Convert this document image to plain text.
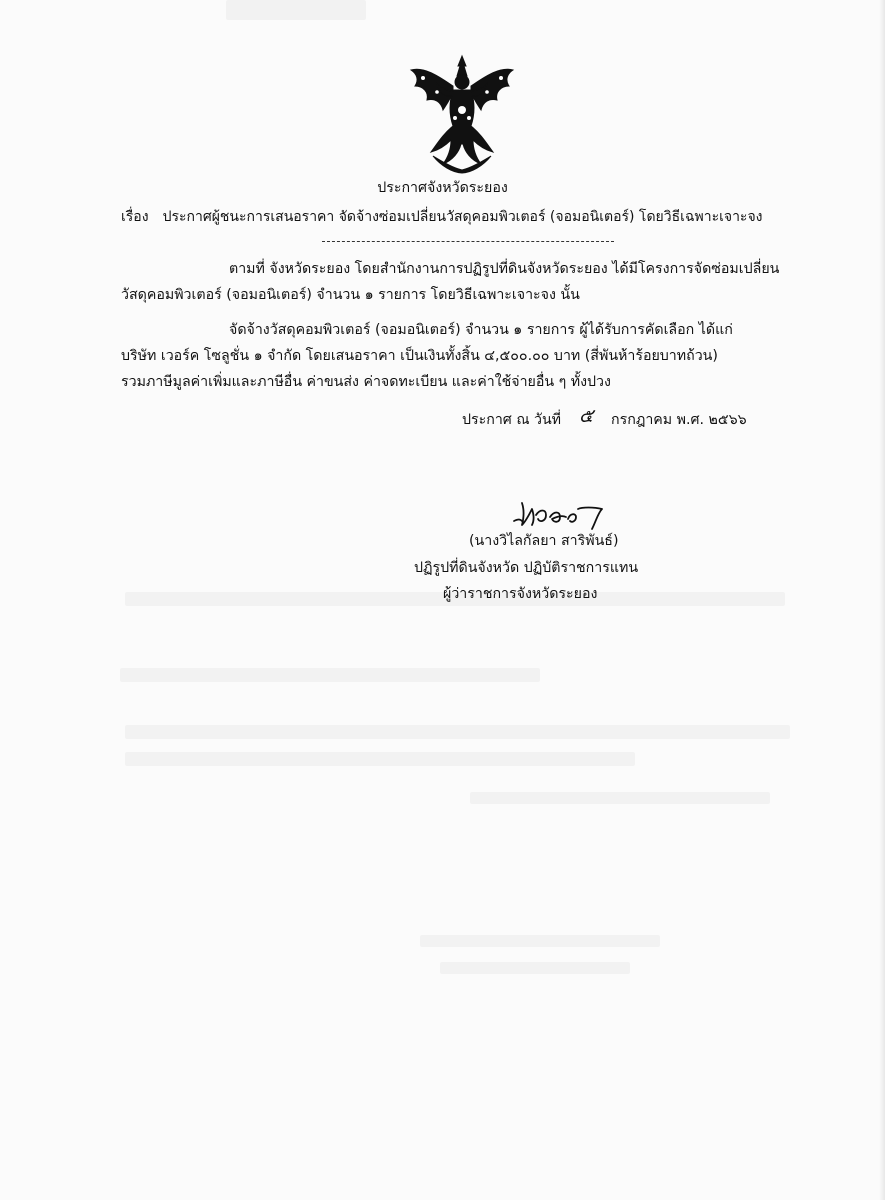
ประกาศจังหวัดระยอง
เรื่อง ประกาศผู้ชนะการเสนอราคา จัดจ้างซ่อมเปลี่ยนวัสดุคอมพิวเตอร์ (จอมอนิเตอร์) โดยวิธีเฉพาะเจาะจง
ตามที่ จังหวัดระยอง โดยสำนักงานการปฏิรูปที่ดินจังหวัดระยอง ได้มีโครงการจัดซ่อมเปลี่ยน
วัสดุคอมพิวเตอร์ (จอมอนิเตอร์) จำนวน ๑ รายการ โดยวิธีเฉพาะเจาะจง นั้น
จัดจ้างวัสดุคอมพิวเตอร์ (จอมอนิเตอร์) จำนวน ๑ รายการ ผู้ได้รับการคัดเลือก ได้แก่
บริษัท เวอร์ค โซลูชั่น ๑ จำกัด โดยเสนอราคา เป็นเงินทั้งสิ้น ๔,๕๐๐.๐๐ บาท (สี่พันห้าร้อยบาทถ้วน)
รวมภาษีมูลค่าเพิ่มและภาษีอื่น ค่าขนส่ง ค่าจดทะเบียน และค่าใช้จ่ายอื่น ๆ ทั้งปวง
ประกาศ ณ วันที่ ๕ กรกฎาคม พ.ศ. ๒๕๖๖
(นางวิไลกัลยา สาริพันธ์)
ปฏิรูปที่ดินจังหวัด ปฏิบัติราชการแทน
ผู้ว่าราชการจังหวัดระยอง
